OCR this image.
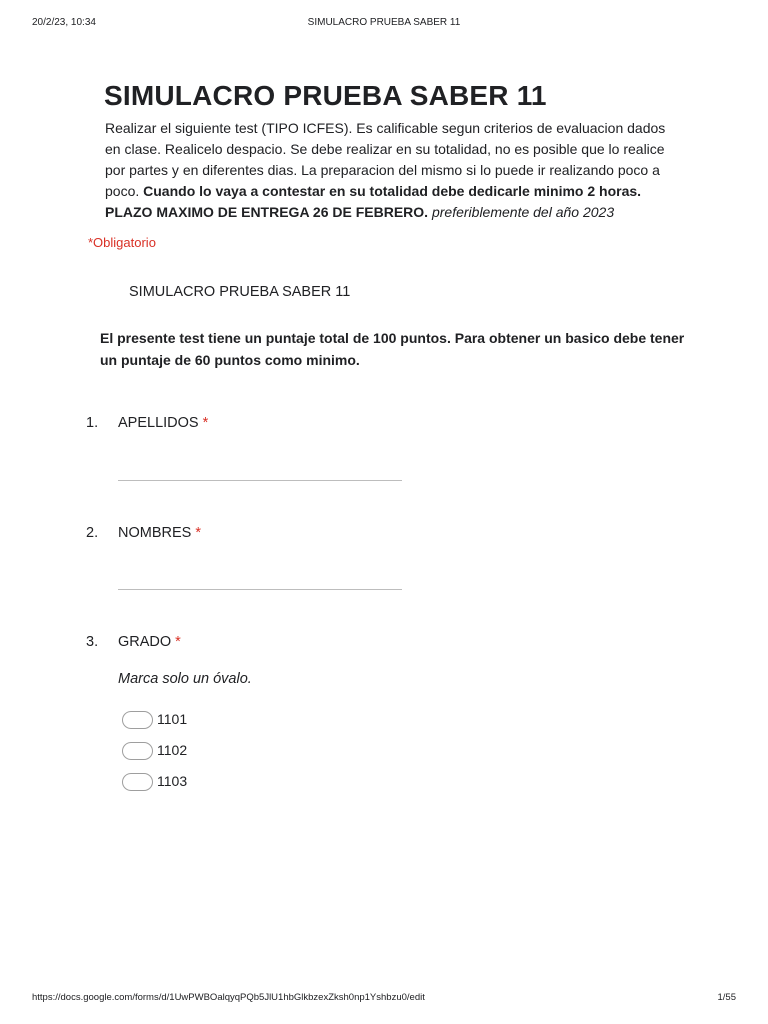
20/2/23, 10:34	SIMULACRO PRUEBA SABER 11
SIMULACRO PRUEBA SABER 11
Realizar el siguiente test (TIPO ICFES). Es calificable segun criterios de evaluacion dados en clase. Realicelo despacio. Se debe realizar en su totalidad, no es posible que lo realice por partes y en diferentes dias. La preparacion del mismo si lo puede ir realizando poco a poco. Cuando lo vaya a contestar en su totalidad debe dedicarle minimo 2 horas. PLAZO MAXIMO DE ENTREGA 26 DE FEBRERO. preferiblemente del año 2023
*Obligatorio
SIMULACRO PRUEBA SABER 11
El presente test tiene un puntaje total de 100 puntos. Para obtener un basico debe tener un puntaje de 60 puntos como minimo.
1. APELLIDOS *
2. NOMBRES *
3. GRADO *
Marca solo un óvalo.
1101
1102
1103
https://docs.google.com/forms/d/1UwPWBOalqyqPQb5JlU1hbGlkbzexZksh0np1Yshbzu0/edit	1/55
